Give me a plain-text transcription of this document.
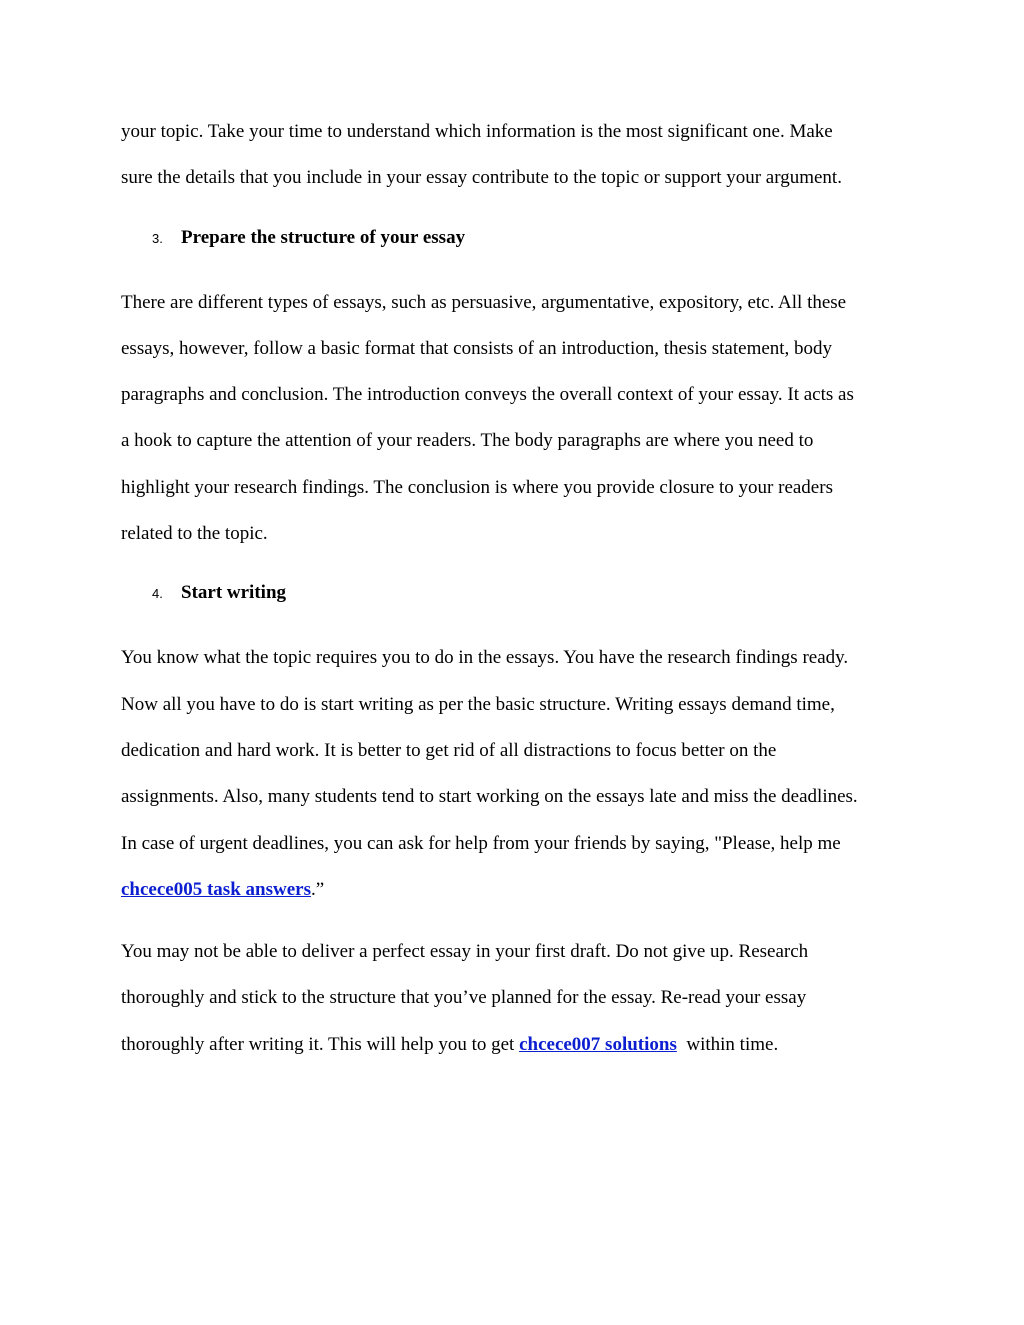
your topic. Take your time to understand which information is the most significant one. Make

sure the details that you include in your essay contribute to the topic or support your argument.

3. Prepare the structure of your essay

There are different types of essays, such as persuasive, argumentative, expository, etc. All these

essays, however, follow a basic format that consists of an introduction, thesis statement, body

paragraphs and conclusion. The introduction conveys the overall context of your essay. It acts as

a hook to capture the attention of your readers. The body paragraphs are where you need to

highlight your research findings. The conclusion is where you provide closure to your readers

related to the topic.

4. Start writing

You know what the topic requires you to do in the essays. You have the research findings ready.

Now all you have to do is start writing as per the basic structure. Writing essays demand time,

dedication and hard work. It is better to get rid of all distractions to focus better on the

assignments. Also, many students tend to start working on the essays late and miss the deadlines.

In case of urgent deadlines, you can ask for help from your friends by saying, "Please, help me

chcece005 task answers.”

You may not be able to deliver a perfect essay in your first draft. Do not give up. Research

thoroughly and stick to the structure that you’ve planned for the essay. Re-read your essay

thoroughly after writing it. This will help you to get chcece007 solutions  within time.
